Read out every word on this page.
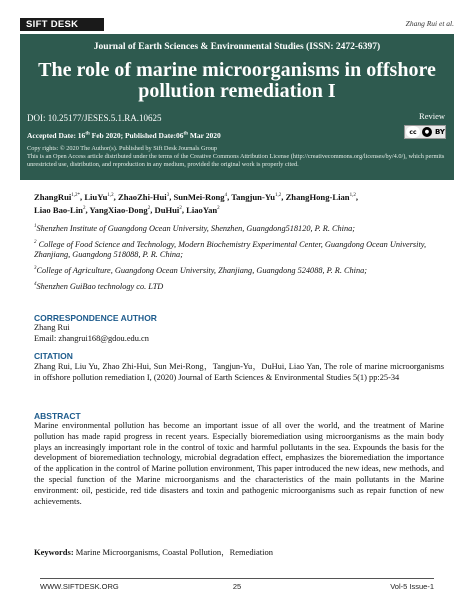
SIFT DESK	Zhang Rui et al.
Journal of Earth Sciences & Environmental Studies (ISSN: 2472-6397)
The role of marine microorganisms in offshore
pollution remediation I
DOI: 10.25177/JESES.5.1.RA.10625	Review
Accepted Date: 16th Feb 2020; Published Date:06th Mar 2020	cc	● BY
Copy rights: © 2020 The Author(s). Published by Sift Desk Journals Group
This is an Open Access article distributed under the terms of the Creative Commons Attribution License (http://creativecommons.org/licenses/by/4.0/), which permits unrestricted use, distribution, and reproduction in any medium, provided the original work is properly cited.
ZhangRui$^{1,2*}$, LiuYu$^{1,2}$, ZhaoZhi-Hui$^3$, SunMei-Rong$^4$, Tangjun-Yu$^{1,2}$, ZhangHong-Lian$^{1,2}$,
Liao Bao-Lin$^2$, YangXiao-Dong$^2$, DuHui$^2$, LiaoYan$^2$

$^1$Shenzhen Institute of Guangdong Ocean University, Shenzhen, Guangdong518120, P. R. China;

$^2$ College of Food Science and Technology, Modern Biochemistry Experimental Center, Guangdong Ocean University, Zhanjiang, Guangdong 518088, P. R. China;

$^3$College of Agriculture, Guangdong Ocean University, Zhanjiang, Guangdong 524088, P. R. China;

$^4$Shenzhen GuiBao technology co. LTD

CORRESPONDENCE AUTHOR
Zhang Rui
Email: zhangrui168@gdou.edu.cn
CITATION
Zhang Rui, Liu Yu, Zhao Zhi-Hui, Sun Mei-Rong，Tangjun-Yu，DuHui, Liao Yan, The role of marine microorganisms in offshore pollution remediation I, (2020) Journal of Earth Sciences & Environmental Studies 5(1) pp:25-34
ABSTRACT
Marine environmental pollution has become an important issue of all over the world, and the treatment of Marine pollution has made rapid progress in recent years. Especially bioremediation using microorganisms as the main body plays an increasingly important role in the control of toxic and harmful pollutants in the sea. Expounds the basis for the development of bioremediation technology, microbial degradation effect, emphasizes the bioremediation the importance of the application in the control of Marine pollution environment, This paper introduced the new ideas, new methods, and the special function of the Marine microorganisms and the characteristics of the main pollutants in the Marine environment: oil, pesticide, red tide disasters and toxin and pathogenic microorganisms such as repair function of new achievements.
Keywords: Marine Microorganisms, Coastal Pollution，Remediation
WWW.SIFTDESK.ORG	25	Vol-5 Issue-1
